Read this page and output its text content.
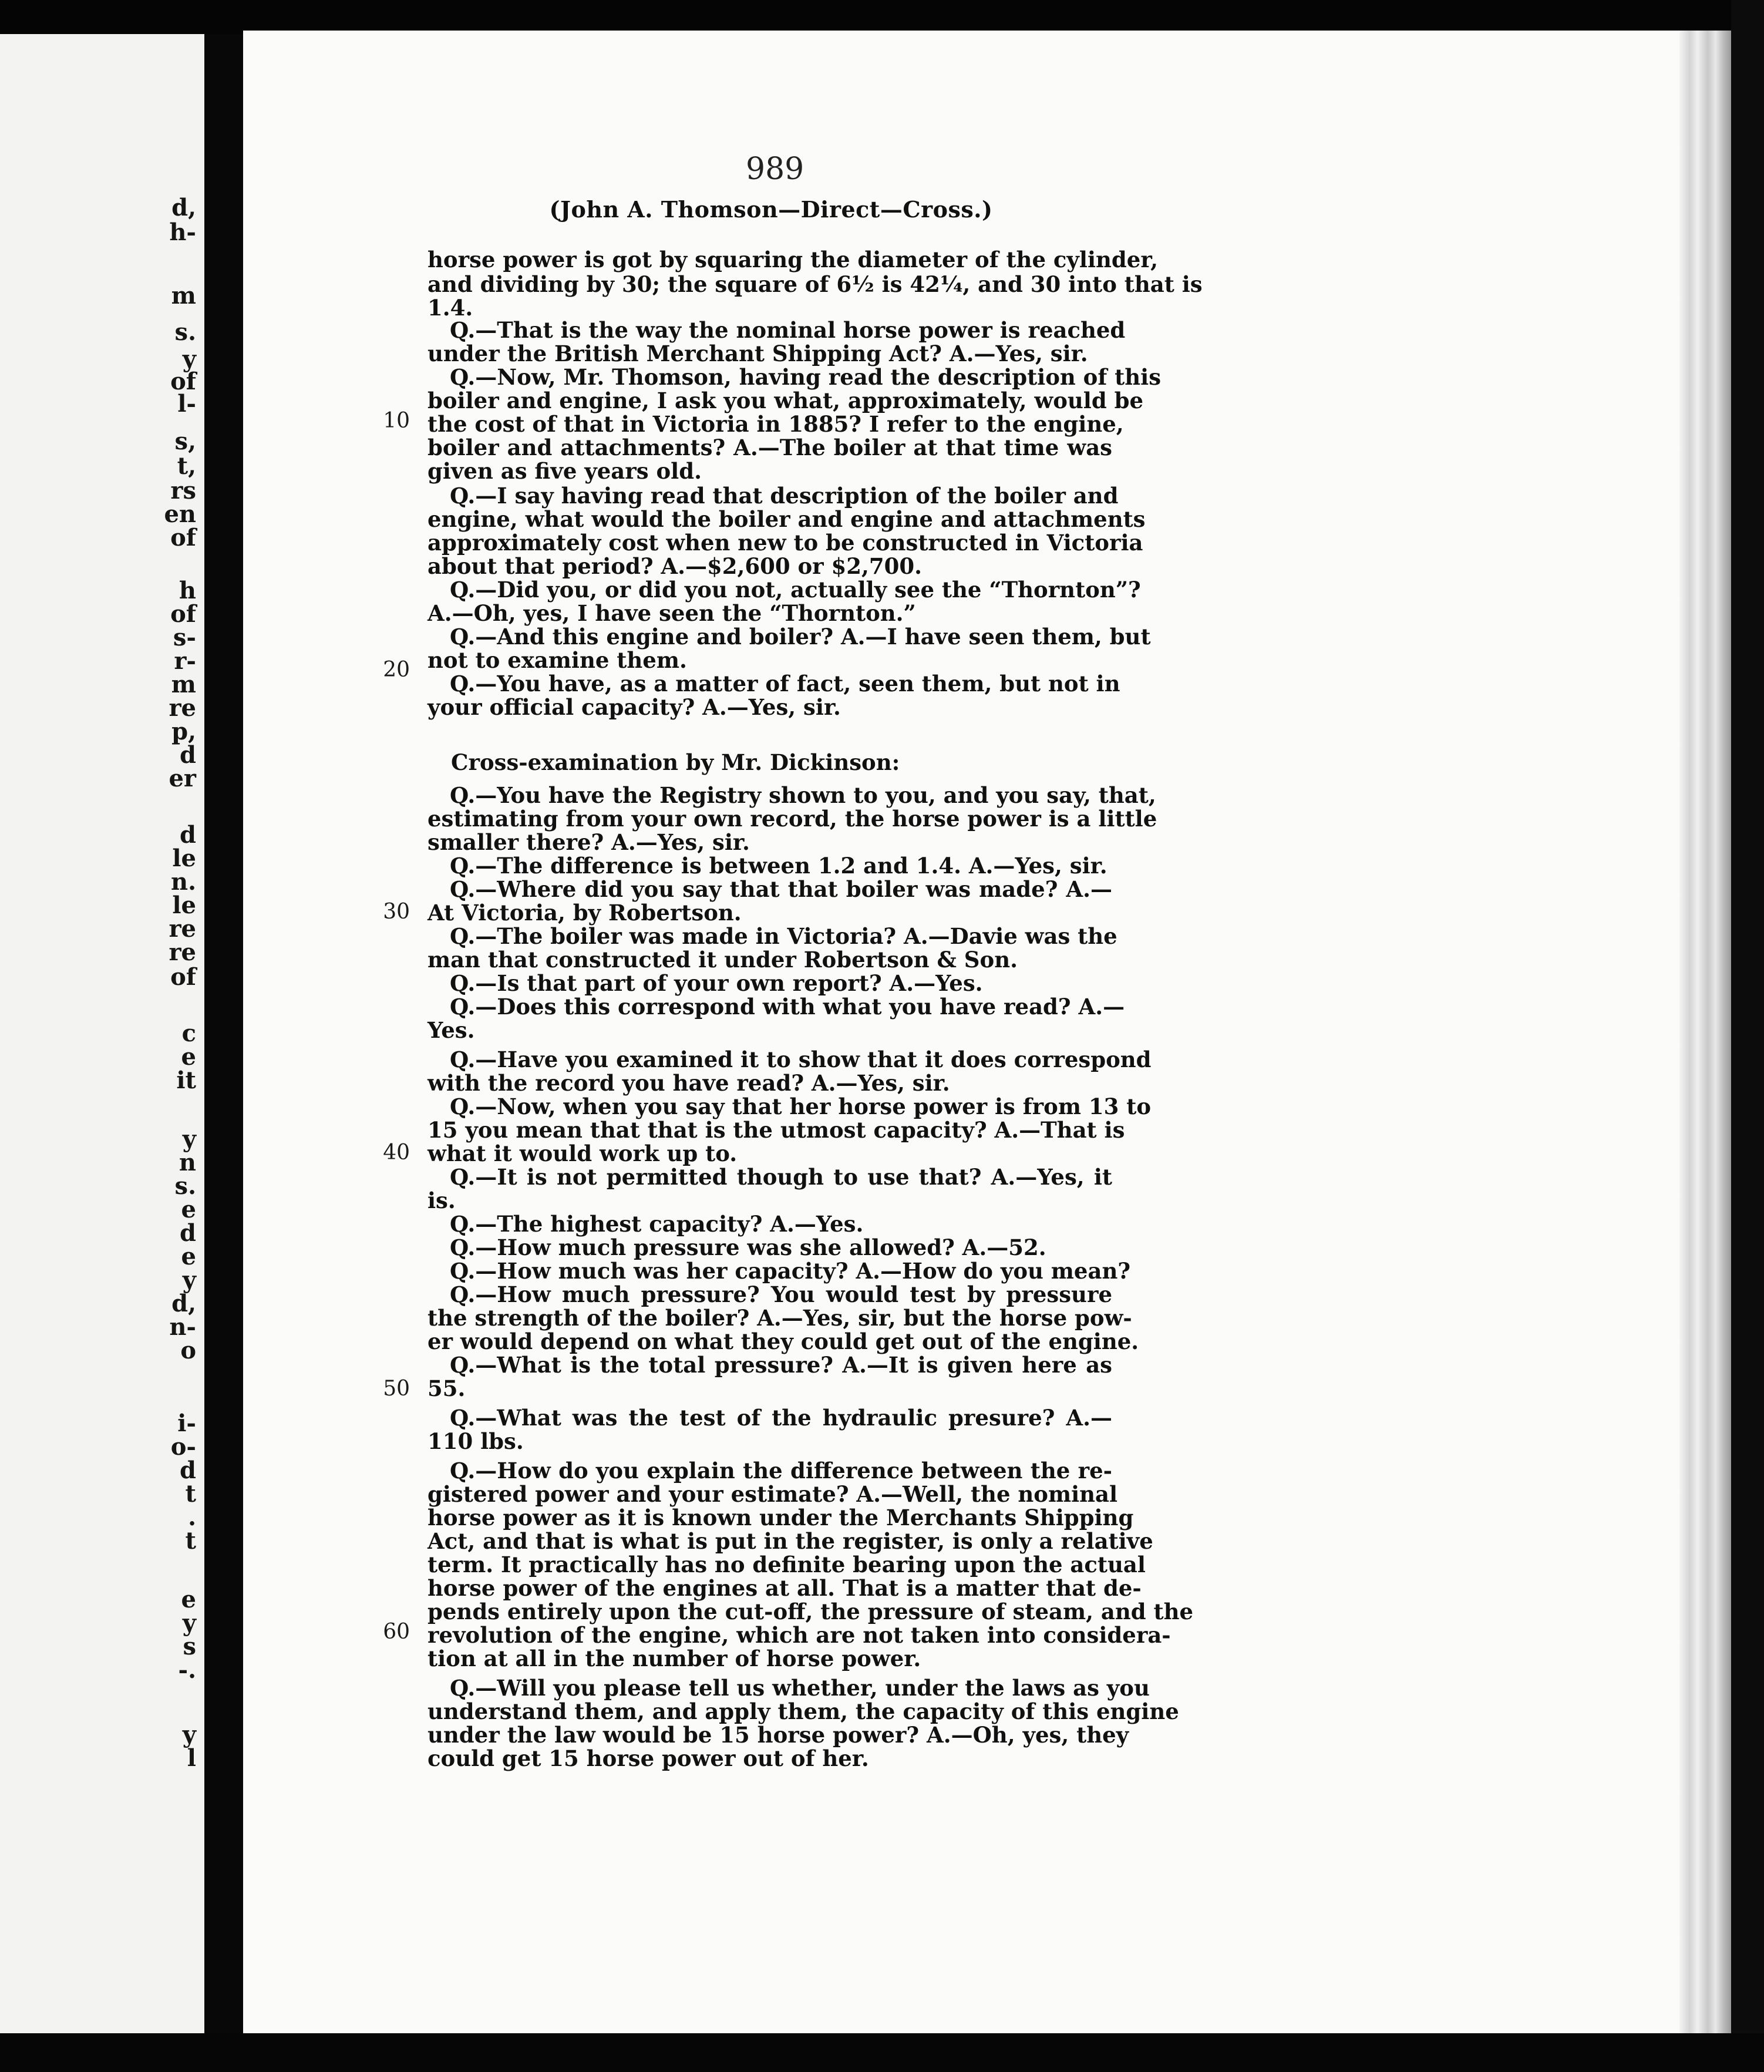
d,
h-
m
s.
y
of
l-
s,
t,
rs
en
of
h
of
s-
r-
m
re
p,
d
er
d
le
n.
le
re
re
of
c
e
it
y
n
s.
e
d
e
y
d,
n-
o
i-
o-
d
t
.
t
e
y
s
-.
y
l
989
(John A. Thomson—Direct—Cross.)
Cross-examination by Mr. Dickinson:
horse power is got by squaring the diameter of the cylinder,
and dividing by 30; the square of 6½ is 42¼, and 30 into that is
1.4.
Q.—That is the way the nominal horse power is reached
under the British Merchant Shipping Act? A.—Yes, sir.
Q.—Now, Mr. Thomson, having read the description of this
boiler and engine, I ask you what, approximately, would be
the cost of that in Victoria in 1885? I refer to the engine,
boiler and attachments? A.—The boiler at that time was
given as five years old.
Q.—I say having read that description of the boiler and
engine, what would the boiler and engine and attachments
approximately cost when new to be constructed in Victoria
about that period? A.—$2,600 or $2,700.
Q.—Did you, or did you not, actually see the “Thornton”?
A.—Oh, yes, I have seen the “Thornton.”
Q.—And this engine and boiler? A.—I have seen them, but
not to examine them.
Q.—You have, as a matter of fact, seen them, but not in
your official capacity? A.—Yes, sir.
Q.—You have the Registry shown to you, and you say, that,
estimating from your own record, the horse power is a little
smaller there? A.—Yes, sir.
Q.—The difference is between 1.2 and 1.4. A.—Yes, sir.
Q.—Where did you say that that boiler was made? A.—
At Victoria, by Robertson.
Q.—The boiler was made in Victoria? A.—Davie was the
man that constructed it under Robertson & Son.
Q.—Is that part of your own report? A.—Yes.
Q.—Does this correspond with what you have read? A.—
Yes.
Q.—Have you examined it to show that it does correspond
with the record you have read? A.—Yes, sir.
Q.—Now, when you say that her horse power is from 13 to
15 you mean that that is the utmost capacity? A.—That is
what it would work up to.
Q.—It is not permitted though to use that? A.—Yes, it
is.
Q.—The highest capacity? A.—Yes.
Q.—How much pressure was she allowed? A.—52.
Q.—How much was her capacity? A.—How do you mean?
Q.—How much pressure? You would test by pressure
the strength of the boiler? A.—Yes, sir, but the horse pow-
er would depend on what they could get out of the engine.
Q.—What is the total pressure? A.—It is given here as
55.
Q.—What was the test of the hydraulic presure? A.—
110 lbs.
Q.—How do you explain the difference between the re-
gistered power and your estimate? A.—Well, the nominal
horse power as it is known under the Merchants Shipping
Act, and that is what is put in the register, is only a relative
term. It practically has no definite bearing upon the actual
horse power of the engines at all. That is a matter that de-
pends entirely upon the cut-off, the pressure of steam, and the
revolution of the engine, which are not taken into considera-
tion at all in the number of horse power.
Q.—Will you please tell us whether, under the laws as you
understand them, and apply them, the capacity of this engine
under the law would be 15 horse power? A.—Oh, yes, they
could get 15 horse power out of her.
10
20
30
40
50
60
